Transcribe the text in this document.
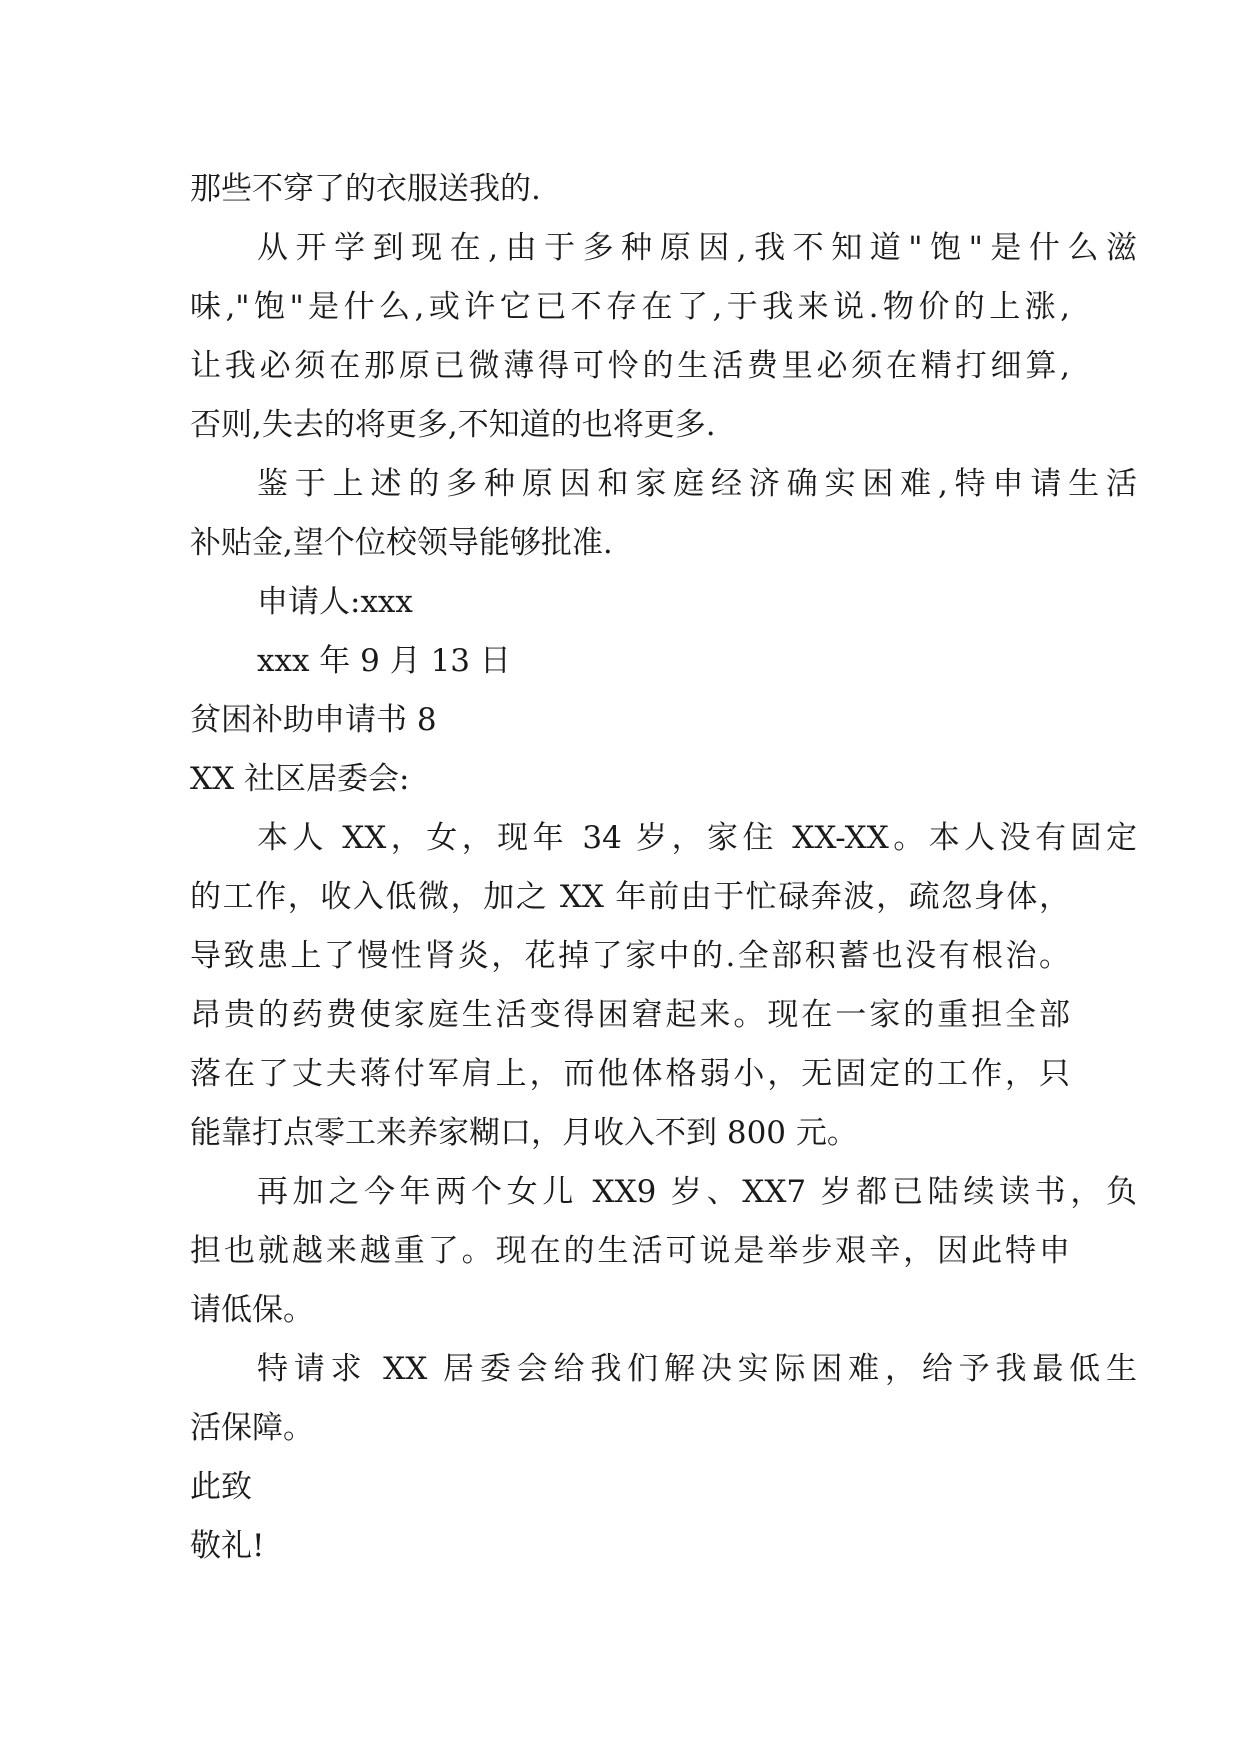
那些不穿了的衣服送我的.
从开学到现在,由于多种原因,我不知道"饱"是什么滋
味,"饱"是什么,或许它已不存在了,于我来说.物价的上涨,
让我必须在那原已微薄得可怜的生活费里必须在精打细算,
否则,失去的将更多,不知道的也将更多.
鉴于上述的多种原因和家庭经济确实困难,特申请生活
补贴金,望个位校领导能够批准.
申请人:xxx
xxx 年 9 月 13 日
贫困补助申请书 8
XX 社区居委会:
本人 XX，女，现年 34 岁，家住 XX-XX。本人没有固定
的工作，收入低微，加之 XX 年前由于忙碌奔波，疏忽身体，
导致患上了慢性肾炎，花掉了家中的.全部积蓄也没有根治。
昂贵的药费使家庭生活变得困窘起来。现在一家的重担全部
落在了丈夫蒋付军肩上，而他体格弱小，无固定的工作，只
能靠打点零工来养家糊口，月收入不到 800 元。
再加之今年两个女儿 XX9 岁、XX7 岁都已陆续读书，负
担也就越来越重了。现在的生活可说是举步艰辛，因此特申
请低保。
特请求 XX 居委会给我们解决实际困难，给予我最低生
活保障。
此致
敬礼!
